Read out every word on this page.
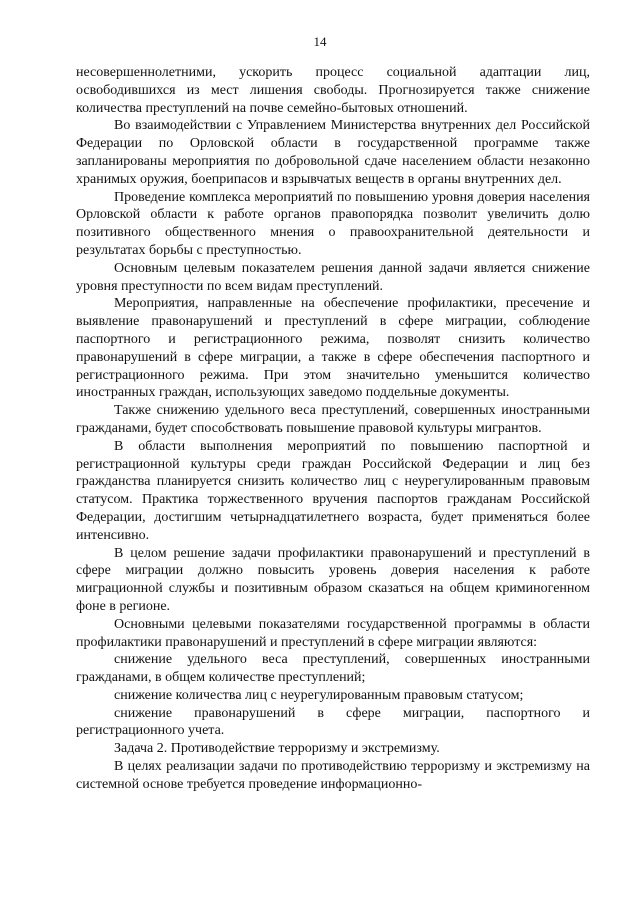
14

несовершеннолетними, ускорить процесс социальной адаптации лиц, освободившихся из мест лишения свободы. Прогнозируется также снижение количества преступлений на почве семейно-бытовых отношений.

Во взаимодействии с Управлением Министерства внутренних дел Российской Федерации по Орловской области в государственной программе также запланированы мероприятия по добровольной сдаче населением области незаконно хранимых оружия, боеприпасов и взрывчатых веществ в органы внутренних дел.

Проведение комплекса мероприятий по повышению уровня доверия населения Орловской области к работе органов правопорядка позволит увеличить долю позитивного общественного мнения о правоохранительной деятельности и результатах борьбы с преступностью.

Основным целевым показателем решения данной задачи является снижение уровня преступности по всем видам преступлений.

Мероприятия, направленные на обеспечение профилактики, пресечение и выявление правонарушений и преступлений в сфере миграции, соблюдение паспортного и регистрационного режима, позволят снизить количество правонарушений в сфере миграции, а также в сфере обеспечения паспортного и регистрационного режима. При этом значительно уменьшится количество иностранных граждан, использующих заведомо поддельные документы.

Также снижению удельного веса преступлений, совершенных иностранными гражданами, будет способствовать повышение правовой культуры мигрантов.

В области выполнения мероприятий по повышению паспортной и регистрационной культуры среди граждан Российской Федерации и лиц без гражданства планируется снизить количество лиц с неурегулированным правовым статусом. Практика торжественного вручения паспортов гражданам Российской Федерации, достигшим четырнадцатилетнего возраста, будет применяться более интенсивно.

В целом решение задачи профилактики правонарушений и преступлений в сфере миграции должно повысить уровень доверия населения к работе миграционной службы и позитивным образом сказаться на общем криминогенном фоне в регионе.

Основными целевыми показателями государственной программы в области профилактики правонарушений и преступлений в сфере миграции являются:

снижение удельного веса преступлений, совершенных иностранными гражданами, в общем количестве преступлений;

снижение количества лиц с неурегулированным правовым статусом;

снижение правонарушений в сфере миграции, паспортного и регистрационного учета.

Задача 2. Противодействие терроризму и экстремизму.

В целях реализации задачи по противодействию терроризму и экстремизму на системной основе требуется проведение информационно-
